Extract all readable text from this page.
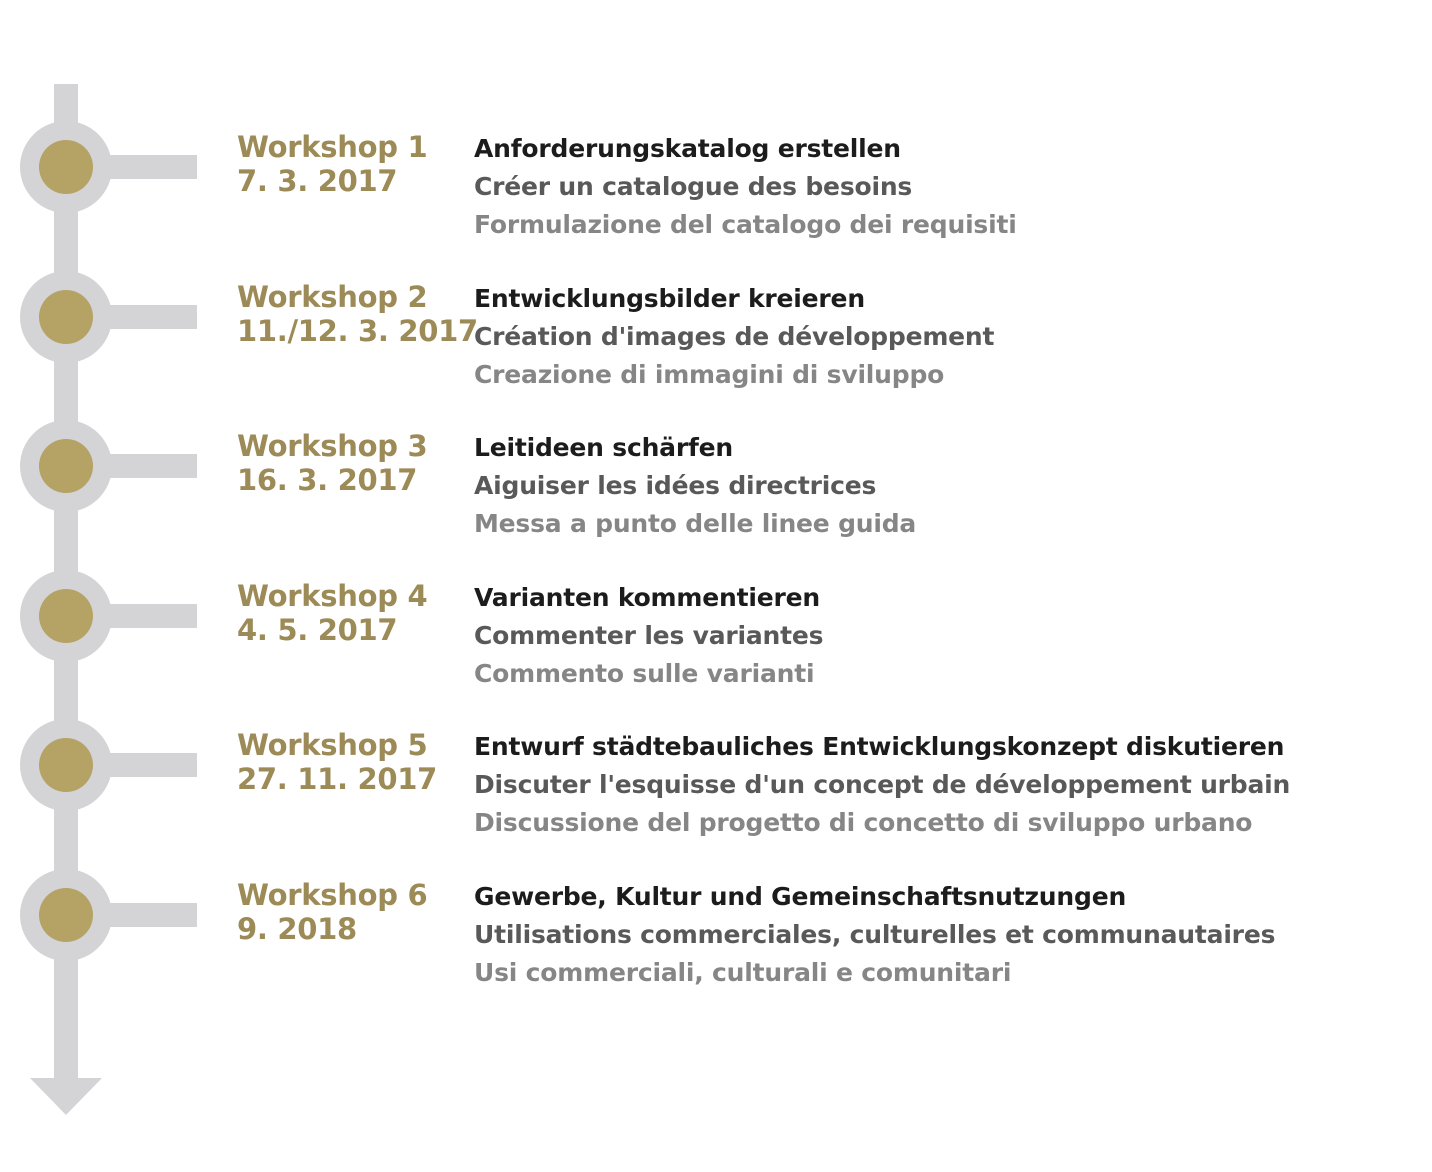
Workshop 1
7. 3. 2017
Anforderungskatalog erstellen
Créer un catalogue des besoins
Formulazione del catalogo dei requisiti
Workshop 2
11./12. 3. 2017
Entwicklungsbilder kreieren
Création d'images de développement
Creazione di immagini di sviluppo
Workshop 3
16. 3. 2017
Leitideen schärfen
Aiguiser les idées directrices
Messa a punto delle linee guida
Workshop 4
4. 5. 2017
Varianten kommentieren
Commenter les variantes
Commento sulle varianti
Workshop 5
27. 11. 2017
Entwurf städtebauliches Entwicklungskonzept diskutieren
Discuter l'esquisse d'un concept de développement urbain
Discussione del progetto di concetto di sviluppo urbano
Workshop 6
9. 2018
Gewerbe, Kultur und Gemeinschaftsnutzungen
Utilisations commerciales, culturelles et communautaires
Usi commerciali, culturali e comunitari
